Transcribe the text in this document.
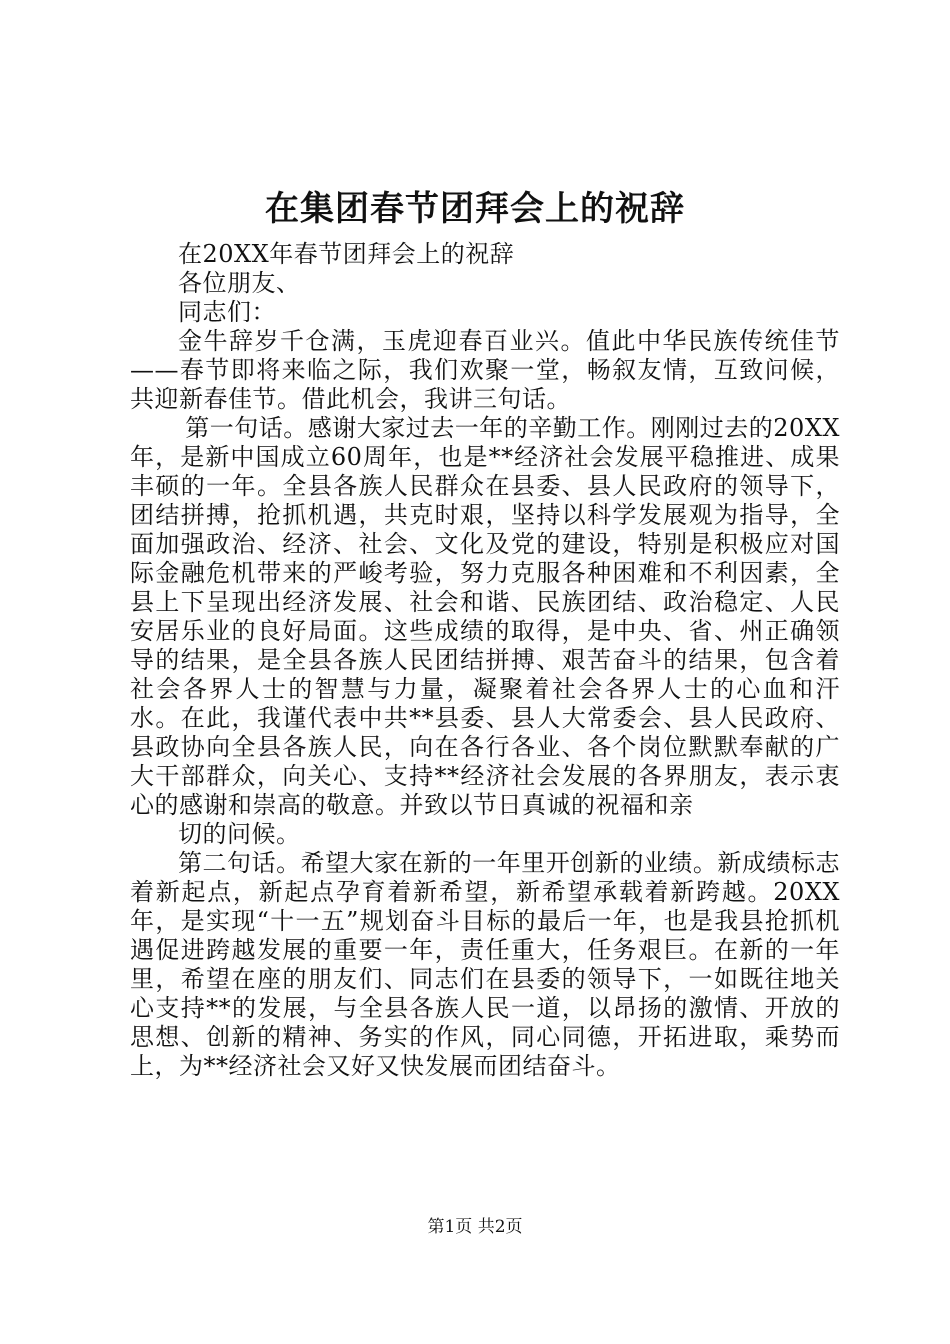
在集团春节团拜会上的祝辞

在20XX年春节团拜会上的祝辞

各位朋友、

同志们：

金牛辞岁千仓满，玉虎迎春百业兴。值此中华民族传统佳节——春节即将来临之际，我们欢聚一堂，畅叙友情，互致问候，共迎新春佳节。借此机会，我讲三句话。

第一句话。感谢大家过去一年的辛勤工作。刚刚过去的20XX年，是新中国成立60周年，也是**经济社会发展平稳推进、成果丰硕的一年。全县各族人民群众在县委、县人民政府的领导下，团结拼搏，抢抓机遇，共克时艰，坚持以科学发展观为指导，全面加强政治、经济、社会、文化及党的建设，特别是积极应对国际金融危机带来的严峻考验，努力克服各种困难和不利因素，全县上下呈现出经济发展、社会和谐、民族团结、政治稳定、人民安居乐业的良好局面。这些成绩的取得，是中央、省、州正确领导的结果，是全县各族人民团结拼搏、艰苦奋斗的结果，包含着社会各界人士的智慧与力量，凝聚着社会各界人士的心血和汗水。在此，我谨代表中共**县委、县人大常委会、县人民政府、县政协向全县各族人民，向在各行各业、各个岗位默默奉献的广大干部群众，向关心、支持**经济社会发展的各界朋友，表示衷心的感谢和崇高的敬意。并致以节日真诚的祝福和亲

切的问候。

第二句话。希望大家在新的一年里开创新的业绩。新成绩标志着新起点，新起点孕育着新希望，新希望承载着新跨越。20XX年，是实现“十一五”规划奋斗目标的最后一年，也是我县抢抓机遇促进跨越发展的重要一年，责任重大，任务艰巨。在新的一年里，希望在座的朋友们、同志们在县委的领导下，一如既往地关心支持**的发展，与全县各族人民一道，以昂扬的激情、开放的思想、创新的精神、务实的作风，同心同德，开拓进取，乘势而上，为**经济社会又好又快发展而团结奋斗。

第1页 共2页
